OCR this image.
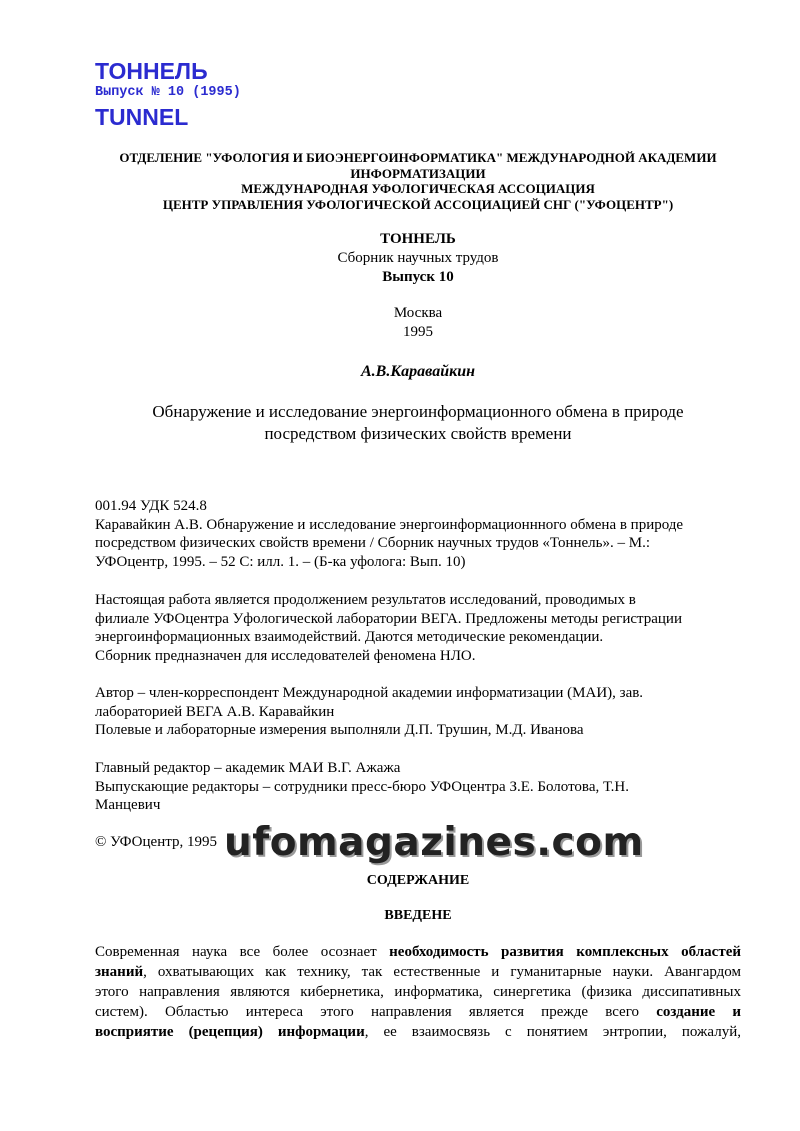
ТОННЕЛЬ
Выпуск № 10 (1995)
TUNNEL
ОТДЕЛЕНИЕ "УФОЛОГИЯ И БИОЭНЕРГОИНФОРМАТИКА" МЕЖДУНАРОДНОЙ АКАДЕМИИ
ИНФОРМАТИЗАЦИИ
МЕЖДУНАРОДНАЯ УФОЛОГИЧЕСКАЯ АССОЦИАЦИЯ
ЦЕНТР УПРАВЛЕНИЯ УФОЛОГИЧЕСКОЙ АССОЦИАЦИЕЙ СНГ ("УФОЦЕНТР")
ТОННЕЛЬ
Сборник научных трудов
Выпуск 10
Москва
1995
А.В.Каравайкин
Обнаружение и исследование энергоинформационного обмена в природе
посредством физических свойств времени
001.94 УДК 524.8
Каравайкин А.В. Обнаружение и исследование энергоинформационнного обмена в природе
посредством физических свойств времени / Сборник научных трудов «Тоннель». – М.:
УФОцентр, 1995. – 52 С: илл. 1. – (Б-ка уфолога: Вып. 10)
Настоящая работа является продолжением результатов исследований, проводимых в
филиале УФОцентра Уфологической лаборатории ВЕГА. Предложены методы регистрации
энергоинформационных взаимодействий. Даются методические рекомендации.
Сборник предназначен для исследователей феномена НЛО.
Автор – член-корреспондент Международной академии информатизации (МАИ), зав.
лабораторией ВЕГА А.В. Каравайкин
Полевые и лабораторные измерения выполняли Д.П. Трушин, М.Д. Иванова
Главный редактор – академик МАИ В.Г. Ажажа
Выпускающие редакторы – сотрудники пресс-бюро УФОцентра З.Е. Болотова, Т.Н.
Манцевич
© УФОцентр, 1995 ufomagazines.com
СОДЕРЖАНИЕ
ВВЕДЕНЕ
Современная наука все более осознает необходимость развития комплексных областей
знаний, охватывающих как технику, так естественные и гуманитарные науки. Авангардом
этого направления являются кибернетика, информатика, синергетика (физика диссипативных
систем). Областью интереса этого направления является прежде всего создание и
восприятие (рецепция) информации, ее взаимосвязь с понятием энтропии, пожалуй,
